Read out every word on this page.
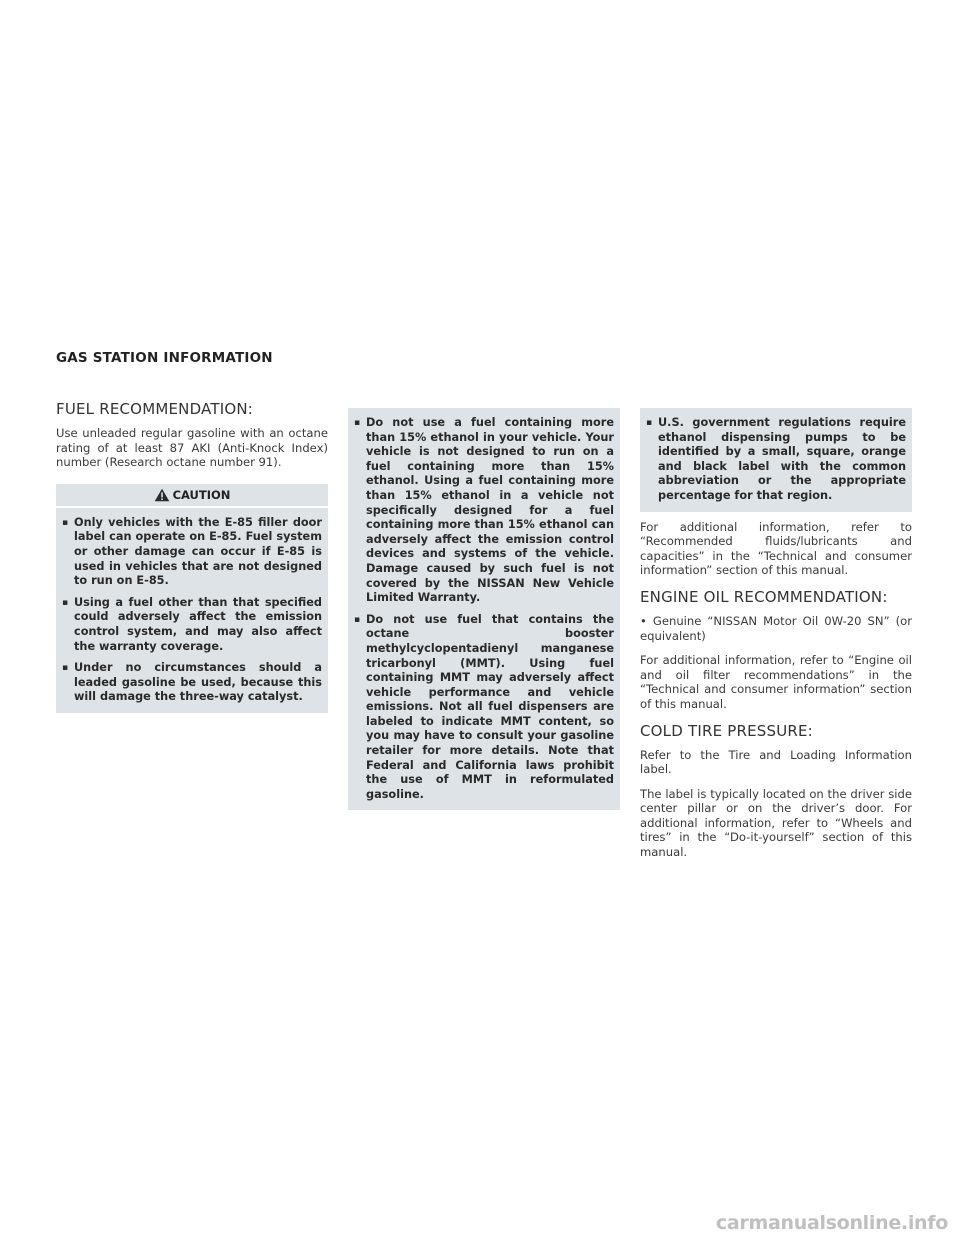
GAS STATION INFORMATION
FUEL RECOMMENDATION:

Use unleaded regular gasoline with an octane rating of at least 87 AKI (Anti-Knock Index) number (Research octane number 91).

CAUTION
▪ Only vehicles with the E-85 filler door label can operate on E-85. Fuel system or other damage can occur if E-85 is used in vehicles that are not designed to run on E-85.
▪ Using a fuel other than that specified could adversely affect the emission control system, and may also affect the warranty coverage.
▪ Under no circumstances should a leaded gasoline be used, because this will damage the three-way catalyst.
▪ Do not use a fuel containing more than 15% ethanol in your vehicle. Your vehicle is not designed to run on a fuel containing more than 15% ethanol. Using a fuel containing more than 15% ethanol in a vehicle not specifically designed for a fuel containing more than 15% ethanol can adversely affect the emission control devices and systems of the vehicle. Damage caused by such fuel is not covered by the NISSAN New Vehicle Limited Warranty.
▪ Do not use fuel that contains the octane booster methylcyclopentadienyl manganese tricarbonyl (MMT). Using fuel containing MMT may adversely affect vehicle performance and vehicle emissions. Not all fuel dispensers are labeled to indicate MMT content, so you may have to consult your gasoline retailer for more details. Note that Federal and California laws prohibit the use of MMT in reformulated gasoline.
▪ U.S. government regulations require ethanol dispensing pumps to be identified by a small, square, orange and black label with the common abbreviation or the appropriate percentage for that region.

For additional information, refer to “Recommended fluids/lubricants and capacities” in the “Technical and consumer information” section of this manual.

ENGINE OIL RECOMMENDATION:

• Genuine “NISSAN Motor Oil 0W-20 SN” (or equivalent)

For additional information, refer to “Engine oil and oil filter recommendations” in the “Technical and consumer information” section of this manual.

COLD TIRE PRESSURE:

Refer to the Tire and Loading Information label.

The label is typically located on the driver side center pillar or on the driver’s door. For additional information, refer to “Wheels and tires” in the “Do-it-yourself” section of this manual.

carmanualsonline.info
